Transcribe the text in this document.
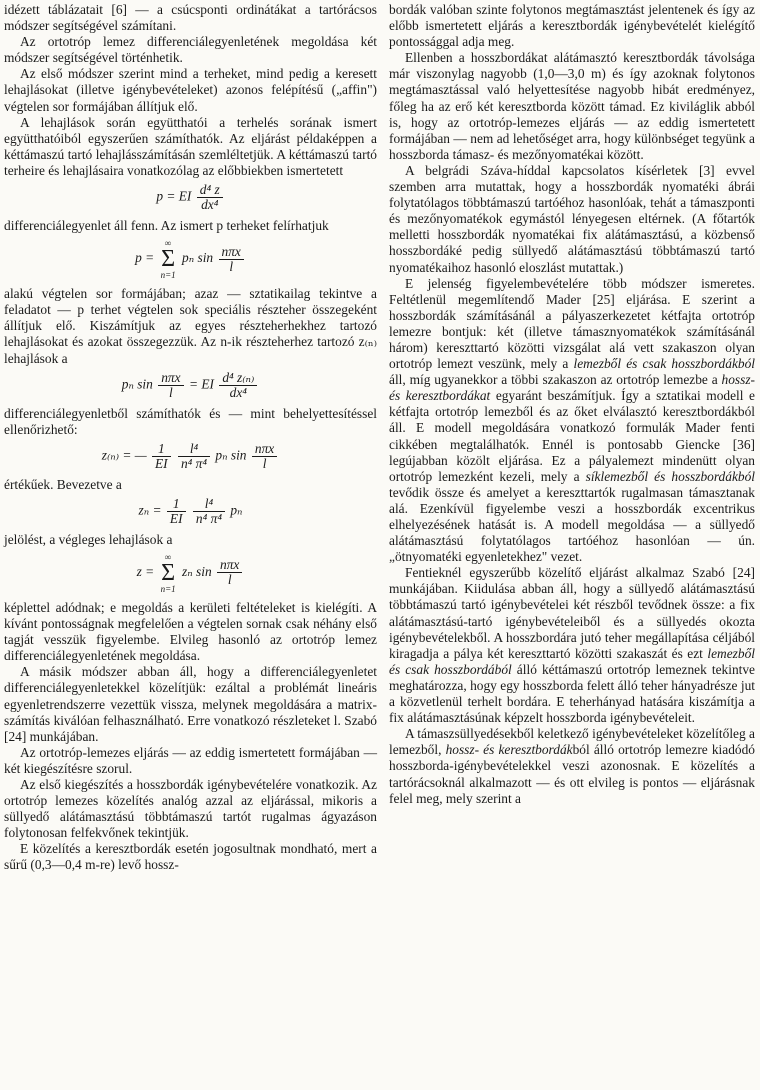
idézett táblázatait [6] — a csúcsponti ordinátákat a tartórácsos módszer segítségével számítani.

Az ortotróp lemez differenciálegyenletének megoldása két módszer segítségével történhetik.

Az első módszer szerint mind a terheket, mind pedig a keresett lehajlásokat (illetve igénybevételeket) azonos felépítésű („affin") végtelen sor formájában állítjuk elő.

A lehajlások során együtthatói a terhelés sorának ismert együtthatóiból egyszerűen számíthatók. Az eljárást példaképpen a kéttámaszú tartó lehajlásszámításán szemléltetjük. A kéttámaszú tartó terheire és lehajlásaira vonatkozólag az előbbiekben ismertetett

p = EI $\frac{\text{d⁴ z}}{\text{dx⁴}}$

differenciálegyenlet áll fenn. Az ismert p terheket felírhatjuk

p =
∞
Σ
n=1
pₙ $\sin \frac{\text{nπx}}{l}$

alakú végtelen sor formájában; azaz — sztatikailag tekintve a feladatot — p terhet végtelen sok speciális részteher összegeként állítjuk elő. Kiszámítjuk az egyes részteherhekhez tartozó lehajlásokat és azokat összegezzük. Az n-ik részteherhez tartozó z₍ₙ₎ lehajlások a

pₙ $\sin \frac{\text{nπx}}{l}$ = EI $\frac{\text{d⁴ z₍ₙ₎}}{\text{dx⁴}}$

differenciálegyenletből számíthatók és — mint behelyettesítéssel ellenőrizhető:

z₍ₙ₎ = — $\frac{1}{EI}$
$\frac{\text{l⁴}}{\text{n⁴ π⁴}}$ pₙ $\sin \frac{\text{nπx}}{l}$

értékűek. Bevezetve a

$z_n = \frac{1}{EI}$
$\frac{\text{l⁴}}{\text{n⁴ π⁴}}$ pₙ

jelölést, a végleges lehajlások a

z =
∞
Σ
n=1
zₙ $\sin \frac{\text{nπx}}{l}$

képlettel adódnak; e megoldás a kerületi feltételeket is kielégíti. A kívánt pontosságnak megfelelően a végtelen sornak csak néhány első tagját vesszük figyelembe. Elvileg hasonló az ortotróp lemez differenciálegyenletének megoldása.

A másik módszer abban áll, hogy a differenciálegyenletet differenciálegyenletekkel közelítjük: ezáltal a problémát lineáris egyenletrendszerre vezettük vissza, melynek megoldására a matrix-számítás kiválóan felhasználható. Erre vonatkozó részleteket l. Szabó [24] munkájában.

Az ortotróp-lemezes eljárás — az eddig ismertetett formájában — két kiegészítésre szorul.

Az első kiegészítés a hosszbordák igénybevételére vonatkozik. Az ortotróp lemezes közelítés analóg azzal az eljárással, mikoris a süllyedő alátámasztású többtámaszú tartót rugalmas ágyazáson folytonosan felfekvőnek tekintjük.

E közelítés a keresztbordák esetén jogosultnak mondható, mert a sűrű (0,3—0,4 m-re) levő hossz-

bordák valóban szinte folytonos megtámasztást jelentenek és így az előbb ismertetett eljárás a keresztbordák igénybevételét kielégítő pontossággal adja meg.

Ellenben a hosszbordákat alátámasztó keresztbordák távolsága már viszonylag nagyobb (1,0—3,0 m) és így azoknak folytonos megtámasztással való helyettesítése nagyobb hibát eredményez, főleg ha az erő két keresztborda között támad. Ez kiviláglik abból is, hogy az ortotróp-lemezes eljárás — az eddig ismertetett formájában — nem ad lehetőséget arra, hogy különbséget tegyünk a hosszborda támasz- és mezőnyomatékai között.

A belgrádi Száva-híddal kapcsolatos kísérletek [3] evvel szemben arra mutattak, hogy a hosszbordák nyomatéki ábrái folytatólagos többtámaszú tartóéhoz hasonlóak, tehát a támaszponti és mezőnyomatékok egymástól lényegesen eltérnek. (A főtartók melletti hosszbordák nyomatékai fix alátámasztású, a közbenső hosszbordáké pedig süllyedő alátámasztású többtámaszú tartó nyomatékaihoz hasonló eloszlást mutattak.)

E jelenség figyelembevételére több módszer ismeretes. Feltétlenül megemlítendő Mader [25] eljárása. E szerint a hosszbordák számításánál a pályaszerkezetet kétfajta ortotróp lemezre bontjuk: két (illetve támasznyomatékok számításánál három) kereszttartó közötti vizsgálat alá vett szakaszon olyan ortotróp lemezt veszünk, mely a lemezből és csak hosszbordákból áll, míg ugyanekkor a többi szakaszon az ortotróp lemezbe a hossz- és keresztbordákat egyaránt beszámítjuk. Így a sztatikai modell e kétfajta ortotróp lemezből és az őket elválasztó keresztbordákból áll. E modell megoldására vonatkozó formulák Mader fenti cikkében megtalálhatók. Ennél is pontosabb Giencke [36] legújabban közölt eljárása. Ez a pályalemezt mindenütt olyan ortotróp lemezként kezeli, mely a síklemezből és hosszbordákból tevődik össze és amelyet a kereszttartók rugalmasan támasztanak alá. Ezenkívül figyelembe veszi a hosszbordák excentrikus elhelyezésének hatását is. A modell megoldása — a süllyedő alátámasztású folytatólagos tartóéhoz hasonlóan — ún. „ötnyomatéki egyenletekhez" vezet.

Fentieknél egyszerűbb közelítő eljárást alkalmaz Szabó [24] munkájában. Kiidulása abban áll, hogy a süllyedő alátámasztású többtámaszú tartó igénybevételei két részből tevődnek össze: a fix alátámasztású-tartó igénybevételeiből és a süllyedés okozta igénybevételekből. A hosszbordára jutó teher megállapítása céljából kiragadja a pálya két kereszttartó közötti szakaszát és ezt lemezből és csak hosszbordából álló kéttámaszú ortotróp lemeznek tekintve meghatározza, hogy egy hosszborda felett álló teher hányadrésze jut a közvetlenül terhelt bordára. E teherhányad hatására kiszámítja a fix alátámasztásúnak képzelt hosszborda igénybevételeit.

A támaszsüllyedésekből keletkező igénybevételeket közelítőleg a lemezből, hossz- és keresztbordákból álló ortotróp lemezre kiadódó hosszborda-igénybevételekkel veszi azonosnak. E közelítés a tartórácsoknál alkalmazott — és ott elvileg is pontos — eljárásnak felel meg, mely szerint a
